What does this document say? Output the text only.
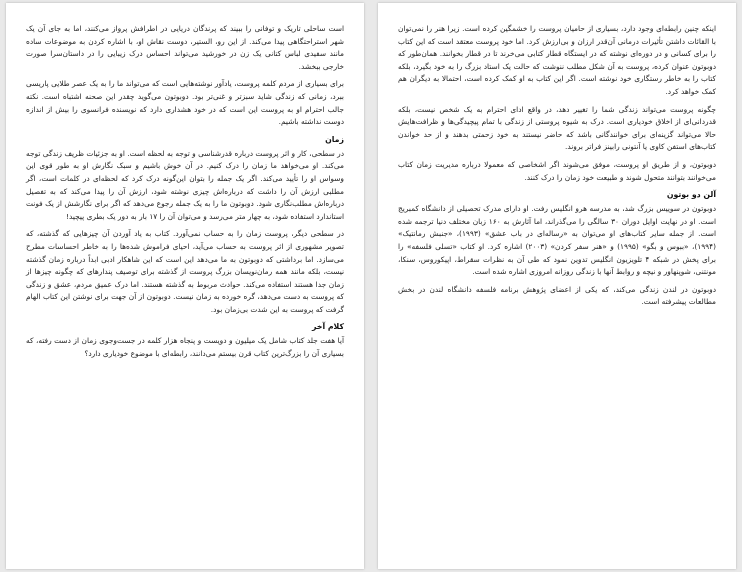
است ساحلی تاریک و توفانی را ببیند که پرندگان دریایی در اطرافش پرواز می‌کنند، اما به جای آن یک شهر استراحتگاهی پیدا می‌کند. از این رو، الستیر، دوست نقاش او، با اشاره کردن به موضوعات ساده مانند سفیدی لباس کتانی یک زن در خورشید می‌تواند احساس درک زیبایی را در داستان‌سرا صورت خارجی ببخشد.

برای بسیاری از مردم کلمه پروست، یادآور نوشته‌هایی است که می‌تواند ما را به یک عصر طلایی پاریسی ببرد، زمانی که زندگی شاید سبزتر و غنی‌تر بود. دوبوتون می‌گوید چقدر این صحنه اشتباه است. نکته جالب احترام او به پروست این است که در خود هشداری دارد که نویسنده فرانسوی را بیش از اندازه دوست نداشته باشیم.

زمان

در سطحی، کار و اثر پروست درباره قدرشناسی و توجه به لحظه است. او به جزئیات ظریف زندگی توجه می‌کند. او می‌خواهد ما زمان را درک کنیم. در آن خوش باشیم و سبک نگارش او به طور قوی این وسواس او را تأیید می‌کند. اگر یک جمله را بتوان این‌گونه درک کرد که لحظه‌ای در کلمات است، اگر مطلبی ارزش آن را داشت که درباره‌اش چیزی نوشته شود، ارزش آن را پیدا می‌کند که به تفصیل درباره‌اش مطلب‌نگاری شود. دوبوتون ما را به یک جمله رجوع می‌دهد که اگر برای نگارشش از یک فونت استاندارد استفاده شود، به چهار متر می‌رسد و می‌توان آن را ۱۷ بار به دور یک بطری پیچید!

در سطحی دیگر، پروست زمان را به حساب نمی‌آورد. کتاب به یاد آوردن آن چیزهایی که گذشته، که تصویر مشهوری از اثر پروست به حساب می‌آید، احیای فراموش شده‌ها را به خاطر احساسات مطرح می‌سازد. اما برداشتی که دوبوتون به ما می‌دهد این است که این شاهکار ادبی ابداً درباره زمان گذشته نیست، بلکه مانند همه رمان‌نویسان بزرگ پروست از گذشته برای توصیف پندارهای که چگونه چیزها از زمان جدا هستند استفاده می‌کند. حوادث مربوط به گذشته هستند. اما درک عمیق مردم، عشق و زندگی که پروست به دست می‌دهد، گره خورده به زمان نیست. دوبوتون از آن جهت برای نوشتن این کتاب الهام گرفت که پروست به این شدت بی‌زمان بود.

کلام آخر

آیا هفت جلد کتاب شامل یک میلیون و دویست و پنجاه هزار کلمه در جست‌وجوی زمان از دست رفته، که بسیاری آن را بزرگ‌ترین کتاب قرن بیستم می‌دانند، رابطه‌ای با موضوع خودیاری دارد؟

اینکه چنین رابطه‌ای وجود دارد، بسیاری از حامیان پروست را خشمگین کرده است. زیرا هنر را نمی‌توان با القائات داشتن تأثیرات درمانی آن‌قدر ارزان و بی‌ارزش کرد. اما خود پروست معتقد است که این کتاب را برای کسانی و در دوره‌ای نوشته که در ایستگاه قطار کتابی می‌خرند تا در قطار بخوانند. همان‌طور که دوبوتون عنوان کرده، پروست به آن شکل مطلب ننوشت که حالت یک استاد بزرگ را به خود بگیرد، بلکه کتاب را به خاطر رستگاری خود نوشته است. اگر این کتاب به او کمک کرده است، احتمالا به دیگران هم کمک خواهد کرد.

چگونه پروست می‌تواند زندگی شما را تغییر دهد، در واقع ادای احترام به یک شخص نیست، بلکه قدردانی‌ای از اخلاق خودیاری است. درک به شیوه پروستی از زندگی با تمام پیچیدگی‌ها و ظرافت‌هایش حالا می‌تواند گزینه‌ای برای خوانندگانی باشد که حاضر نیستند به خود زحمتی بدهند و از حد خواندن کتاب‌های استفن کاوی یا آنتونی رابینز فراتر بروند.

دوبوتون، و از طریق او پروست، موفق می‌شوند اگر اشخاصی که معمولا درباره مدیریت زمان کتاب می‌خوانند بتوانند متحول شوند و طبیعت خود زمان را درک کنند.

آلن دو بوتون

دوبوتون در سوییس بزرگ شد، به مدرسه هرو انگلیس رفت. او دارای مدرک تحصیلی از دانشگاه کمبریج است. او در نهایت اوایل دوران ۳۰ سالگی را می‌گذراند، اما آثارش به ۱۶۰ زبان مختلف دنیا ترجمه شده است. از جمله سایر کتاب‌های او می‌توان به «رساله‌ای در باب عشق» (۱۹۹۳)، «جنبش رمانتیک» (۱۹۹۴)، «ببوس و بگو» (۱۹۹۵) و «هنر سفر کردن» (۲۰۰۳) اشاره کرد. او کتاب «تسلی فلسفه» را برای پخش در شبکه ۴ تلویزیون انگلیس تدوین نمود که طی آن به نظرات سقراط، اپیکوروس، سنکا، مونتنی، شوپنهاور و نیچه و روابط آنها با زندگی روزانه امروزی اشاره شده است.

دوبوتون در لندن زندگی می‌کند، که یکی از اعضای پژوهش برنامه فلسفه دانشگاه لندن در بخش مطالعات پیشرفته است.
